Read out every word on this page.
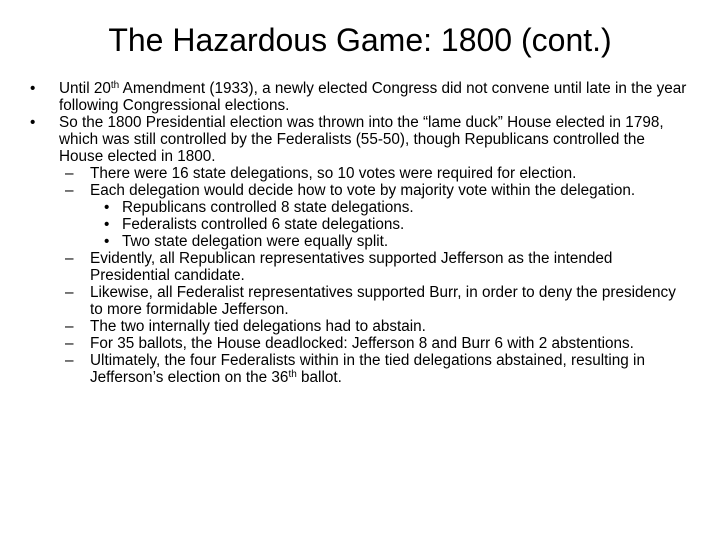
The Hazardous Game: 1800 (cont.)
• Until 20th Amendment (1933), a newly elected Congress did not convene until late in the year following Congressional elections.
• So the 1800 Presidential election was thrown into the “lame duck” House elected in 1798, which was still controlled by the Federalists (55-50), though Republicans controlled the House elected in 1800.
– There were 16 state delegations, so 10 votes were required for election.
– Each delegation would decide how to vote by majority vote within the delegation.
• Republicans controlled 8 state delegations.
• Federalists controlled 6 state delegations.
• Two state delegation were equally split.
– Evidently, all Republican representatives supported Jefferson as the intended Presidential candidate.
– Likewise, all Federalist representatives supported Burr, in order to deny the presidency to more formidable Jefferson.
– The two internally tied delegations had to abstain.
– For 35 ballots, the House deadlocked: Jefferson 8 and Burr 6 with 2 abstentions.
– Ultimately, the four Federalists within in the tied delegations abstained, resulting in Jefferson’s election on the 36th ballot.
